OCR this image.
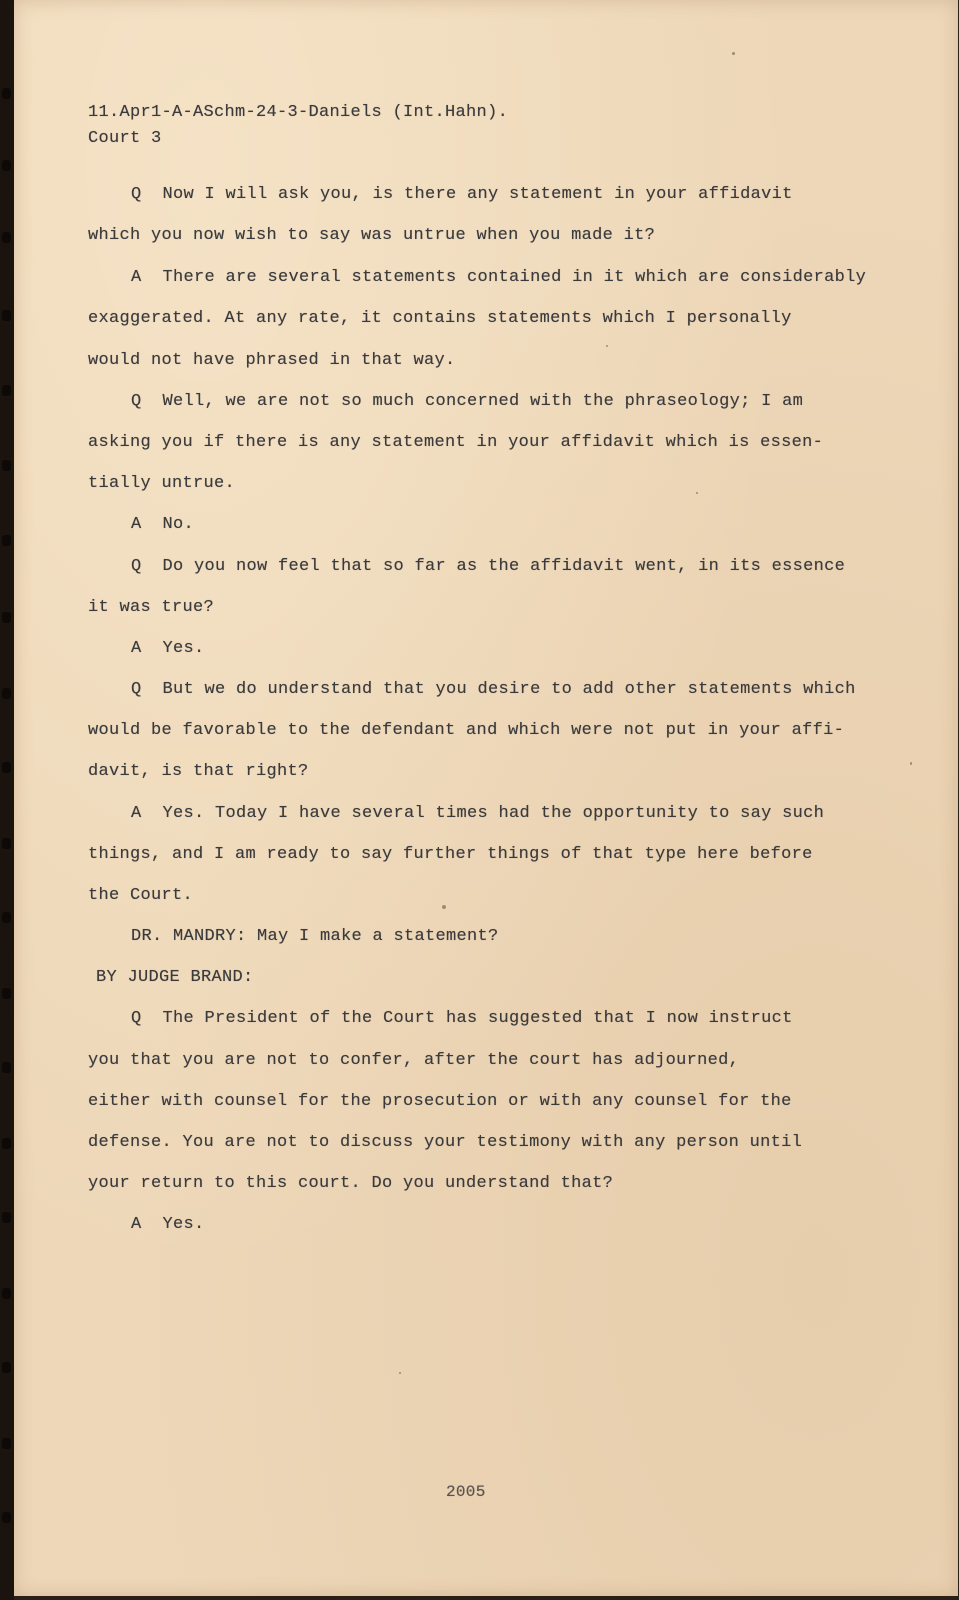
11.Apr1-A-ASchm-24-3-Daniels (Int.Hahn).
Court 3
Q  Now I will ask you, is there any statement in your affidavit
which you now wish to say was untrue when you made it?
A  There are several statements contained in it which are considerably
exaggerated. At any rate, it contains statements which I personally
would not have phrased in that way.
Q  Well, we are not so much concerned with the phraseology; I am
asking you if there is any statement in your affidavit which is essen-
tially untrue.
A  No.
Q  Do you now feel that so far as the affidavit went, in its essence
it was true?
A  Yes.
Q  But we do understand that you desire to add other statements which
would be favorable to the defendant and which were not put in your affi-
davit, is that right?
A  Yes. Today I have several times had the opportunity to say such
things, and I am ready to say further things of that type here before
the Court.
DR. MANDRY: May I make a statement?
BY JUDGE BRAND:
Q  The President of the Court has suggested that I now instruct
you that you are not to confer, after the court has adjourned,
either with counsel for the prosecution or with any counsel for the
defense. You are not to discuss your testimony with any person until
your return to this court. Do you understand that?
A  Yes.
2005
